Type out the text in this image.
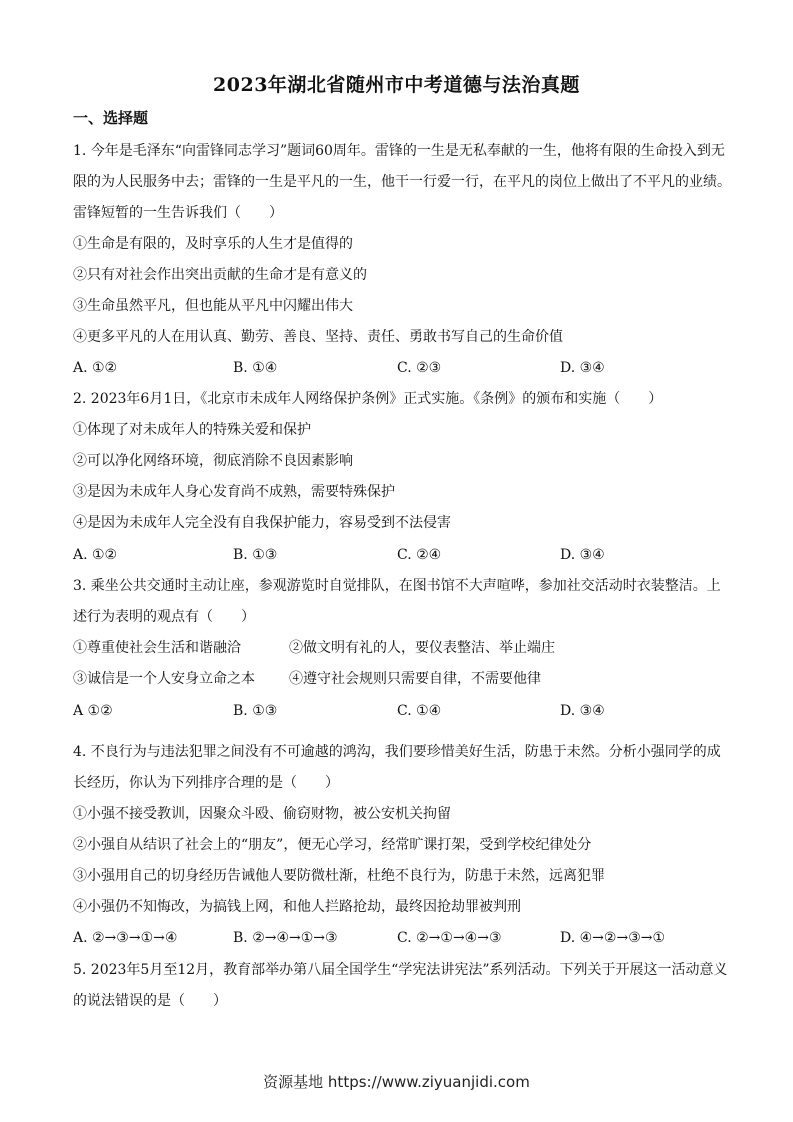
2023年湖北省随州市中考道德与法治真题
一、选择题
1. 今年是毛泽东“向雷锋同志学习”题词60周年。雷锋的一生是无私奉献的一生，他将有限的生命投入到无
限的为人民服务中去；雷锋的一生是平凡的一生，他干一行爱一行，在平凡的岗位上做出了不平凡的业绩。
雷锋短暂的一生告诉我们（　　）
①生命是有限的，及时享乐的人生才是值得的
②只有对社会作出突出贡献的生命才是有意义的
③生命虽然平凡，但也能从平凡中闪耀出伟大
④更多平凡的人在用认真、勤劳、善良、坚持、责任、勇敢书写自己的生命价值
A. ①②	B. ①④	C. ②③	D. ③④
2. 2023年6月1日，《北京市未成年人网络保护条例》正式实施。《条例》的颁布和实施（　　）
①体现了对未成年人的特殊关爱和保护
②可以净化网络环境，彻底消除不良因素影响
③是因为未成年人身心发育尚不成熟，需要特殊保护
④是因为未成年人完全没有自我保护能力，容易受到不法侵害
A. ①②	B. ①③	C. ②④	D. ③④
3. 乘坐公共交通时主动让座，参观游览时自觉排队，在图书馆不大声喧哗，参加社交活动时衣装整洁。上
述行为表明的观点有（　　）
①尊重使社会生活和谐融洽	②做文明有礼的人，要仪表整洁、举止端庄
③诚信是一个人安身立命之本 ④遵守社会规则只需要自律，不需要他律
A ①②	B. ①③	C. ①④	D. ③④
4. 不良行为与违法犯罪之间没有不可逾越的鸿沟，我们要珍惜美好生活，防患于未然。分析小强同学的成
长经历，你认为下列排序合理的是（　　）
①小强不接受教训，因聚众斗殴、偷窃财物，被公安机关拘留
②小强自从结识了社会上的“朋友”，便无心学习，经常旷课打架，受到学校纪律处分
③小强用自己的切身经历告诫他人要防微杜渐，杜绝不良行为，防患于未然，远离犯罪
④小强仍不知悔改，为搞钱上网，和他人拦路抢劫，最终因抢劫罪被判刑
A. ②→③→①→④	B. ②→④→①→③	C. ②→①→④→③	D. ④→②→③→①
5. 2023年5月至12月，教育部举办第八届全国学生“学宪法讲宪法”系列活动。下列关于开展这一活动意义
的说法错误的是（　　）
资源基地 https://www.ziyuanjidi.com
